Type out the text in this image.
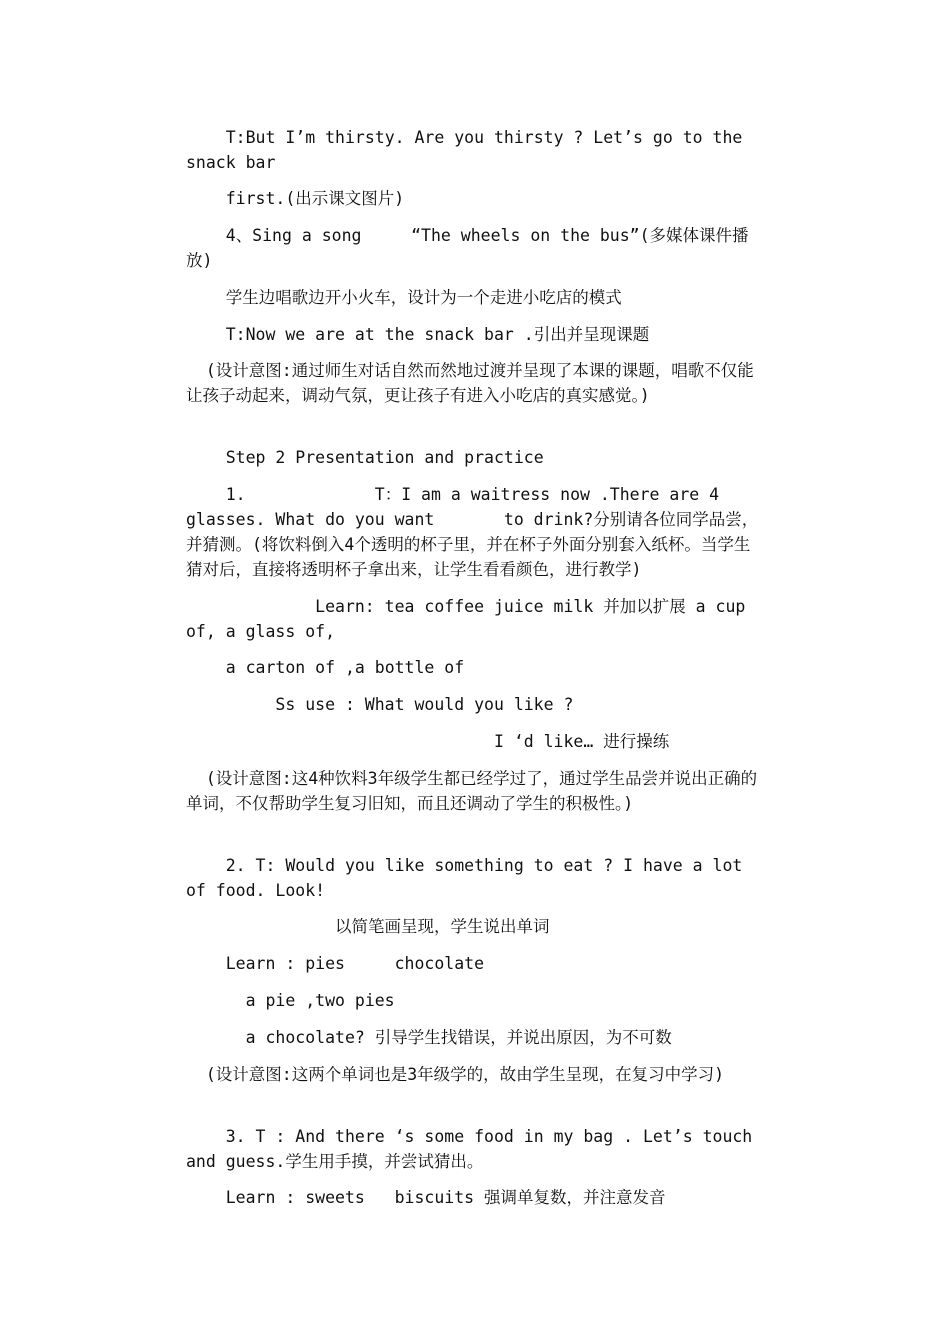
T:But I’m thirsty. Are you thirsty ? Let’s go to the snack bar

first.(出示课文图片)

4、Sing a song     “The wheels on the bus”(多媒体课件播放)

学生边唱歌边开小火车，设计为一个走进小吃店的模式

T:Now we are at the snack bar .引出并呈现课题

(设计意图:通过师生对话自然而然地过渡并呈现了本课的课题，唱歌不仅能让孩子动起来，调动气氛，更让孩子有进入小吃店的真实感觉。)

Step 2 Presentation and practice

1.             T：I am a waitress now .There are 4 glasses. What do you want       to drink?分别请各位同学品尝，并猜测。(将饮料倒入4个透明的杯子里，并在杯子外面分别套入纸杯。当学生猜对后，直接将透明杯子拿出来，让学生看看颜色，进行教学)

Learn: tea coffee juice milk 并加以扩展 a cup of, a glass of,

a carton of ,a bottle of

Ss use : What would you like ?

I ‘d like… 进行操练

(设计意图:这4种饮料3年级学生都已经学过了，通过学生品尝并说出正确的单词，不仅帮助学生复习旧知，而且还调动了学生的积极性。)

2. T: Would you like something to eat ? I have a lot of food. Look!

以简笔画呈现，学生说出单词

Learn : pies     chocolate

a pie ,two pies

a chocolate? 引导学生找错误，并说出原因，为不可数

(设计意图:这两个单词也是3年级学的，故由学生呈现，在复习中学习)

3. T : And there ‘s some food in my bag . Let’s touch and guess.学生用手摸，并尝试猜出。

Learn : sweets   biscuits 强调单复数，并注意发音
